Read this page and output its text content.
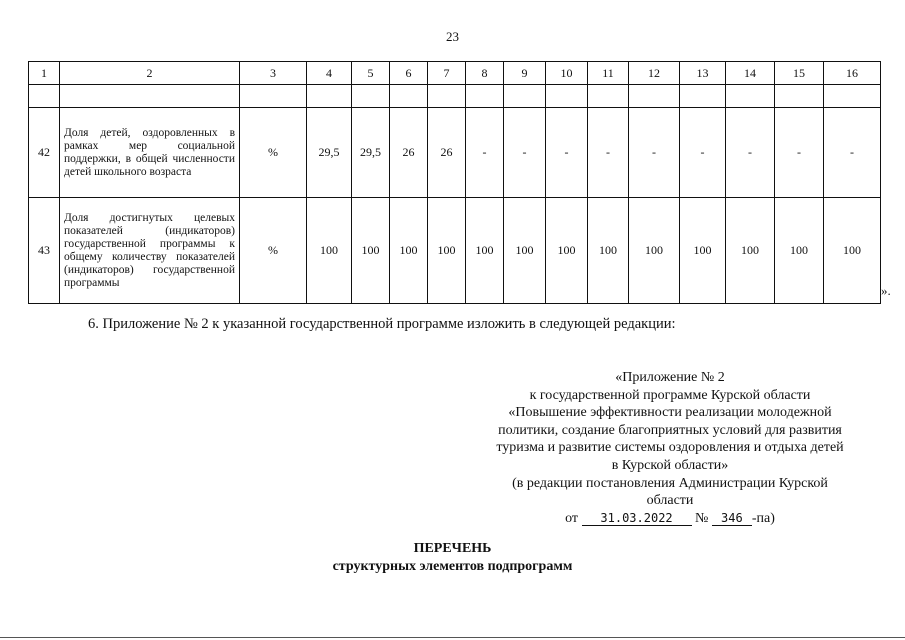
23
1	2	3	4	5	6	7	8	9	10	11	12	13	14	15	16

42	Доля детей, оздоровленных в рамках мер социальной поддержки, в общей численности детей школьного возраста	%	29,5	29,5	26	26	-	-	-	-	-	-	-	-	-
43	Доля достигнутых целевых показателей (индикаторов) государственной программы к общему количеству показателей (индикаторов) государственной программы	%	100	100	100	100	100	100	100	100	100	100	100	100	100
».
6. Приложение № 2 к указанной государственной программе изложить в следующей редакции:
«Приложение № 2
к государственной программе Курской области
«Повышение эффективности реализации молодежной политики, создание благоприятных условий для развития туризма и развитие системы оздоровления и отдыха детей в Курской области»
(в редакции постановления Администрации Курской области
от 31.03.2022 № 346 -па)
ПЕРЕЧЕНЬ
структурных элементов подпрограмм
